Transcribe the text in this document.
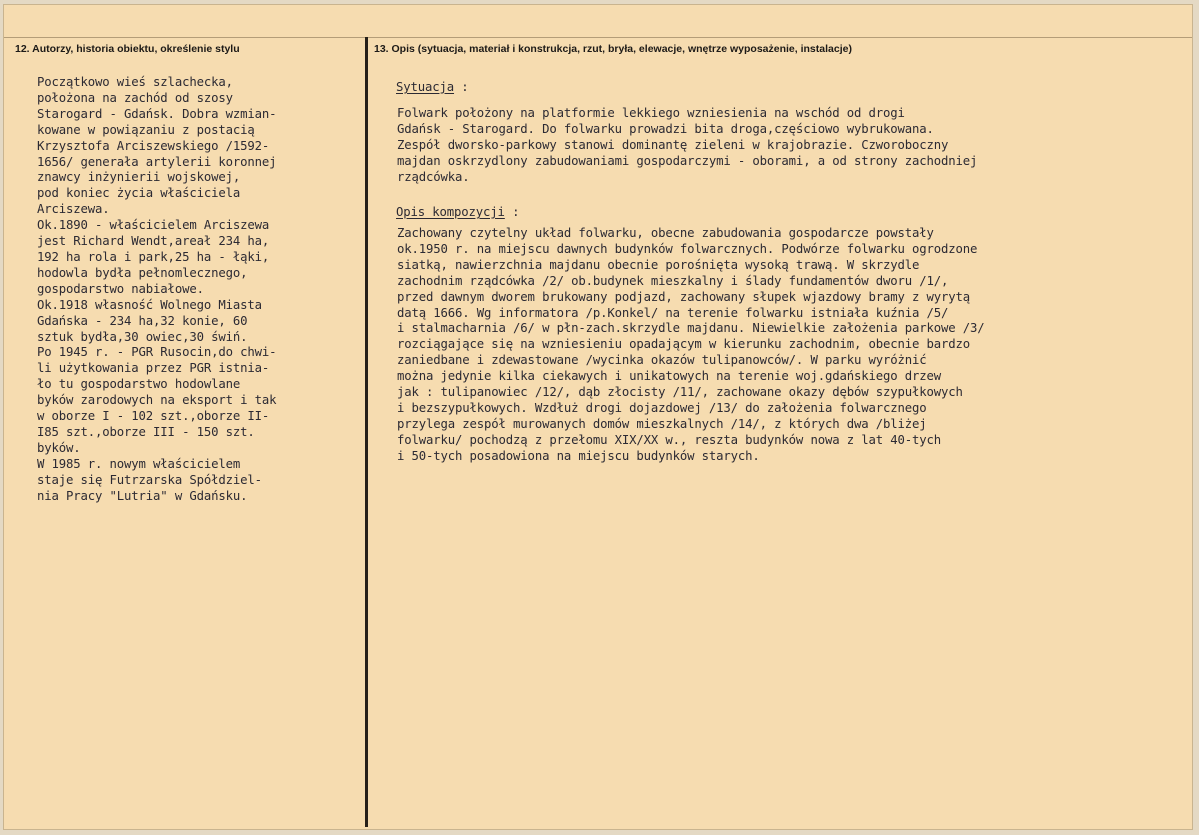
12. Autorzy, historia obiektu, określenie stylu	13. Opis (sytuacja, materiał i konstrukcja, rzut, bryła, elewacje, wnętrze wyposażenie, instalacje)
Początkowo wieś szlachecka,
położona na zachód od szosy
Starogard - Gdańsk. Dobra wzmian-
kowane w powiązaniu z postacią
Krzysztofa Arciszewskiego /1592-
1656/ generała artylerii koronnej
znawcy inżynierii wojskowej,
pod koniec życia właściciela
Arciszewa.
Ok.1890 - właścicielem Arciszewa
jest Richard Wendt,areał 234 ha,
192 ha rola i park,25 ha - łąki,
hodowla bydła pełnomlecznego,
gospodarstwo nabiałowe.
Ok.1918 własność Wolnego Miasta
Gdańska - 234 ha,32 konie, 60
sztuk bydła,30 owiec,30 świń.
Po 1945 r. - PGR Rusocin,do chwi-
li użytkowania przez PGR istnia-
ło tu gospodarstwo hodowlane
byków zarodowych na eksport i tak
w oborze I - 102 szt.,oborze II-
I85 szt.,oborze III - 150 szt.
byków.
W 1985 r. nowym właścicielem
staje się Futrzarska Spółdziel-
nia Pracy "Lutria" w Gdańsku.
Sytuacja :
Folwark położony na platformie lekkiego wzniesienia na wschód od drogi
Gdańsk - Starogard. Do folwarku prowadzi bita droga,częściowo wybrukowana.
Zespół dworsko-parkowy stanowi dominantę zieleni w krajobrazie. Czworoboczny
majdan oskrzydlony zabudowaniami gospodarczymi - oborami, a od strony zachodniej
rządcówka.
Opis kompozycji :
Zachowany czytelny układ folwarku, obecne zabudowania gospodarcze powstały
ok.1950 r. na miejscu dawnych budynków folwarcznych. Podwórze folwarku ogrodzone
siatką, nawierzchnia majdanu obecnie porośnięta wysoką trawą. W skrzydle
zachodnim rządcówka /2/ ob.budynek mieszkalny i ślady fundamentów dworu /1/,
przed dawnym dworem brukowany podjazd, zachowany słupek wjazdowy bramy z wyrytą
datą 1666. Wg informatora /p.Konkel/ na terenie folwarku istniała kuźnia /5/
i stalmacharnia /6/ w płn-zach.skrzydle majdanu. Niewielkie założenia parkowe /3/
rozciągające się na wzniesieniu opadającym w kierunku zachodnim, obecnie bardzo
zaniedbane i zdewastowane /wycinka okazów tulipanowców/. W parku wyróżnić
można jedynie kilka ciekawych i unikatowych na terenie woj.gdańskiego drzew
jak : tulipanowiec /12/, dąb złocisty /11/, zachowane okazy dębów szypułkowych
i bezszypułkowych. Wzdłuż drogi dojazdowej /13/ do założenia folwarcznego
przylega zespół murowanych domów mieszkalnych /14/, z których dwa /bliżej
folwarku/ pochodzą z przełomu XIX/XX w., reszta budynków nowa z lat 40-tych
i 50-tych posadowiona na miejscu budynków starych.
